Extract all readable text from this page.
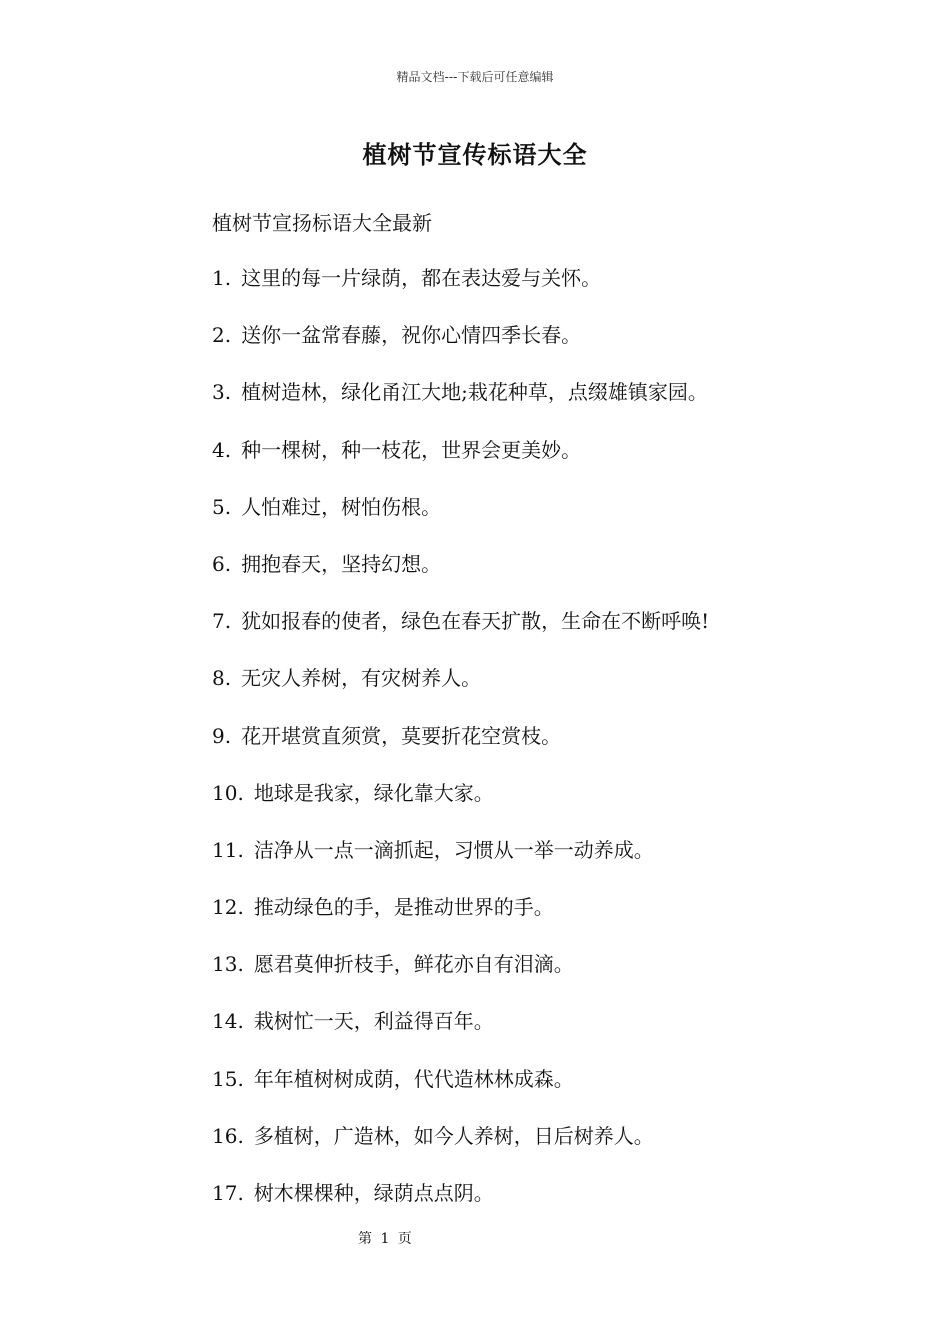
精品文档---下载后可任意编辑
植树节宣传标语大全
植树节宣扬标语大全最新
1. 这里的每一片绿荫，都在表达爱与关怀。
2. 送你一盆常春藤，祝你心情四季长春。
3. 植树造林，绿化甬江大地;栽花种草，点缀雄镇家园。
4. 种一棵树，种一枝花，世界会更美妙。
5. 人怕难过，树怕伤根。
6. 拥抱春天，坚持幻想。
7. 犹如报春的使者，绿色在春天扩散，生命在不断呼唤!
8. 无灾人养树，有灾树养人。
9. 花开堪赏直须赏，莫要折花空赏枝。
10. 地球是我家，绿化靠大家。
11. 洁净从一点一滴抓起，习惯从一举一动养成。
12. 推动绿色的手，是推动世界的手。
13. 愿君莫伸折枝手，鲜花亦自有泪滴。
14. 栽树忙一天，利益得百年。
15. 年年植树树成荫，代代造林林成森。
16. 多植树，广造林，如今人养树，日后树养人。
17. 树木棵棵种，绿荫点点阴。
第 1 页
